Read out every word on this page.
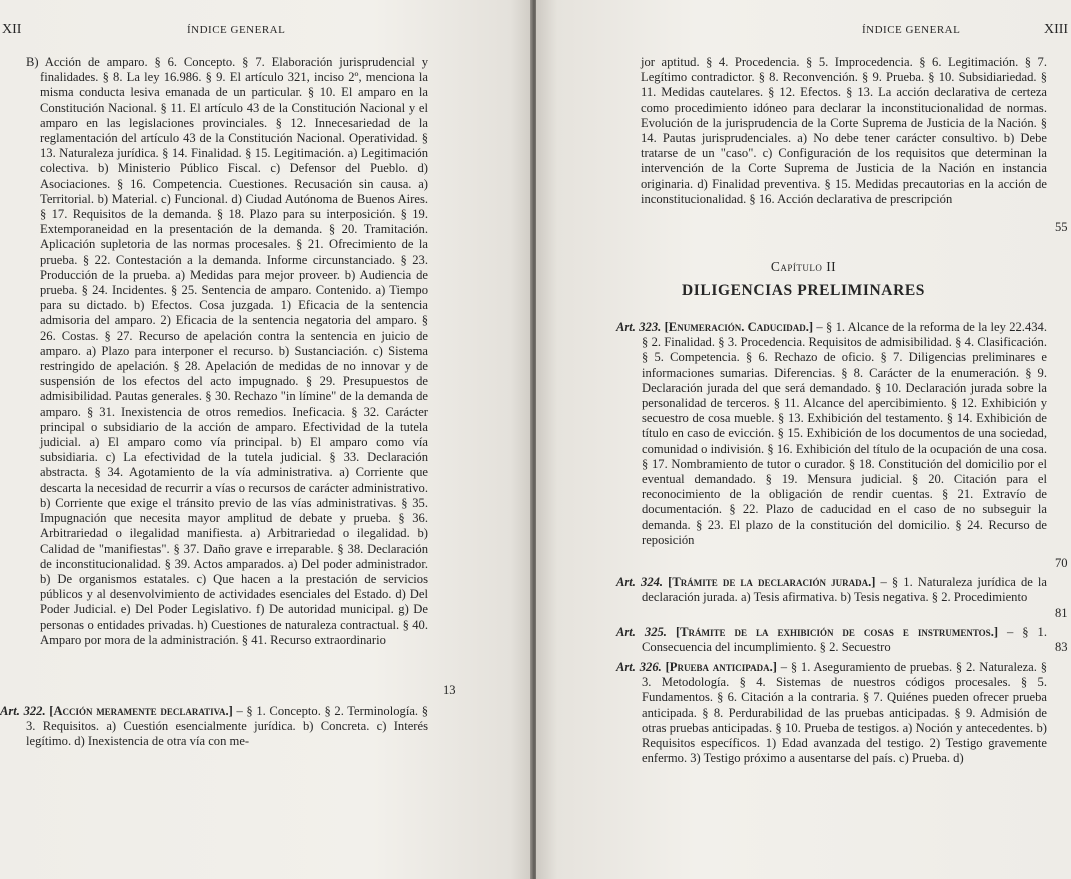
XII	ÍNDICE GENERAL

B) Acción de amparo. § 6. Concepto. § 7. Elaboración jurisprudencial y finalidades. § 8. La ley 16.986. § 9. El artículo 321, inciso 2º, menciona la misma conducta lesiva emanada de un particular. § 10. El amparo en la Constitución Nacional. § 11. El artículo 43 de la Constitución Nacional y el amparo en las legislaciones provinciales. § 12. Innecesariedad de la reglamentación del artículo 43 de la Constitución Nacional. Operatividad. § 13. Naturaleza jurídica. § 14. Finalidad. § 15. Legitimación. a) Legitimación colectiva. b) Ministerio Público Fiscal. c) Defensor del Pueblo. d) Asociaciones. § 16. Competencia. Cuestiones. Recusación sin causa. a) Territorial. b) Material. c) Funcional. d) Ciudad Autónoma de Buenos Aires. § 17. Requisitos de la demanda. § 18. Plazo para su interposición. § 19. Extemporaneidad en la presentación de la demanda. § 20. Tramitación. Aplicación supletoria de las normas procesales. § 21. Ofrecimiento de la prueba. § 22. Contestación a la demanda. Informe circunstanciado. § 23. Producción de la prueba. a) Medidas para mejor proveer. b) Audiencia de prueba. § 24. Incidentes. § 25. Sentencia de amparo. Contenido. a) Tiempo para su dictado. b) Efectos. Cosa juzgada. 1) Eficacia de la sentencia admisoria del amparo. 2) Eficacia de la sentencia negatoria del amparo. § 26. Costas. § 27. Recurso de apelación contra la sentencia en juicio de amparo. a) Plazo para interponer el recurso. b) Sustanciación. c) Sistema restringido de apelación. § 28. Apelación de medidas de no innovar y de suspensión de los efectos del acto impugnado. § 29. Presupuestos de admisibilidad. Pautas generales. § 30. Rechazo "in límine" de la demanda de amparo. § 31. Inexistencia de otros remedios. Ineficacia. § 32. Carácter principal o subsidiario de la acción de amparo. Efectividad de la tutela judicial. a) El amparo como vía principal. b) El amparo como vía subsidiaria. c) La efectividad de la tutela judicial. § 33. Declaración abstracta. § 34. Agotamiento de la vía administrativa. a) Corriente que descarta la necesidad de recurrir a vías o recursos de carácter administrativo. b) Corriente que exige el tránsito previo de las vías administrativas. § 35. Impugnación que necesita mayor amplitud de debate y prueba. § 36. Arbitrariedad o ilegalidad manifiesta. a) Arbitrariedad o ilegalidad. b) Calidad de "manifiestas". § 37. Daño grave e irreparable. § 38. Declaración de inconstitucionalidad. § 39. Actos amparados. a) Del poder administrador. b) De organismos estatales. c) Que hacen a la prestación de servicios públicos y al desenvolvimiento de actividades esenciales del Estado. d) Del Poder Judicial. e) Del Poder Legislativo. f) De autoridad municipal. g) De personas o entidades privadas. h) Cuestiones de naturaleza contractual. § 40. Amparo por mora de la administración. § 41. Recurso extraordinario

13

Art. 322. [Acción meramente declarativa.] – § 1. Concepto. § 2. Terminología. § 3. Requisitos. a) Cuestión esencialmente jurídica. b) Concreta. c) Interés legítimo. d) Inexistencia de otra vía con me-

ÍNDICE GENERAL	XIII

jor aptitud. § 4. Procedencia. § 5. Improcedencia. § 6. Legitimación. § 7. Legítimo contradictor. § 8. Reconvención. § 9. Prueba. § 10. Subsidiariedad. § 11. Medidas cautelares. § 12. Efectos. § 13. La acción declarativa de certeza como procedimiento idóneo para declarar la inconstitucionalidad de normas. Evolución de la jurisprudencia de la Corte Suprema de Justicia de la Nación. § 14. Pautas jurisprudenciales. a) No debe tener carácter consultivo. b) Debe tratarse de un "caso". c) Configuración de los requisitos que determinan la intervención de la Corte Suprema de Justicia de la Nación en instancia originaria. d) Finalidad preventiva. § 15. Medidas precautorias en la acción de inconstitucionalidad. § 16. Acción declarativa de prescripción

55

Art. 323. [Enumeración. Caducidad.] – § 1. Alcance de la reforma de la ley 22.434. § 2. Finalidad. § 3. Procedencia. Requisitos de admisibilidad. § 4. Clasificación. § 5. Competencia. § 6. Rechazo de oficio. § 7. Diligencias preliminares e informaciones sumarias. Diferencias. § 8. Carácter de la enumeración. § 9. Declaración jurada del que será demandado. § 10. Declaración jurada sobre la personalidad de terceros. § 11. Alcance del apercibimiento. § 12. Exhibición y secuestro de cosa mueble. § 13. Exhibición del testamento. § 14. Exhibición de título en caso de evicción. § 15. Exhibición de los documentos de una sociedad, comunidad o indivisión. § 16. Exhibición del título de la ocupación de una cosa. § 17. Nombramiento de tutor o curador. § 18. Constitución del domicilio por el eventual demandado. § 19. Mensura judicial. § 20. Citación para el reconocimiento de la obligación de rendir cuentas. § 21. Extravío de documentación. § 22. Plazo de caducidad en el caso de no subseguir la demanda. § 23. El plazo de la constitución del domicilio. § 24. Recurso de reposición

70

Art. 324. [Trámite de la declaración jurada.] – § 1. Naturaleza jurídica de la declaración jurada. a) Tesis afirmativa. b) Tesis negativa. § 2. Procedimiento

81

Art. 325. [Trámite de la exhibición de cosas e instrumentos.] – § 1. Consecuencia del incumplimiento. § 2. Secuestro	83

Art. 326. [Prueba anticipada.] – § 1. Aseguramiento de pruebas. § 2. Naturaleza. § 3. Metodología. § 4. Sistemas de nuestros códigos procesales. § 5. Fundamentos. § 6. Citación a la contraria. § 7. Quiénes pueden ofrecer prueba anticipada. § 8. Perdurabilidad de las pruebas anticipadas. § 9. Admisión de otras pruebas anticipadas. § 10. Prueba de testigos. a) Noción y antecedentes. b) Requisitos específicos. 1) Edad avanzada del testigo. 2) Testigo gravemente enfermo. 3) Testigo próximo a ausentarse del país. c) Prueba. d)

Capítulo II
DILIGENCIAS PRELIMINARES
